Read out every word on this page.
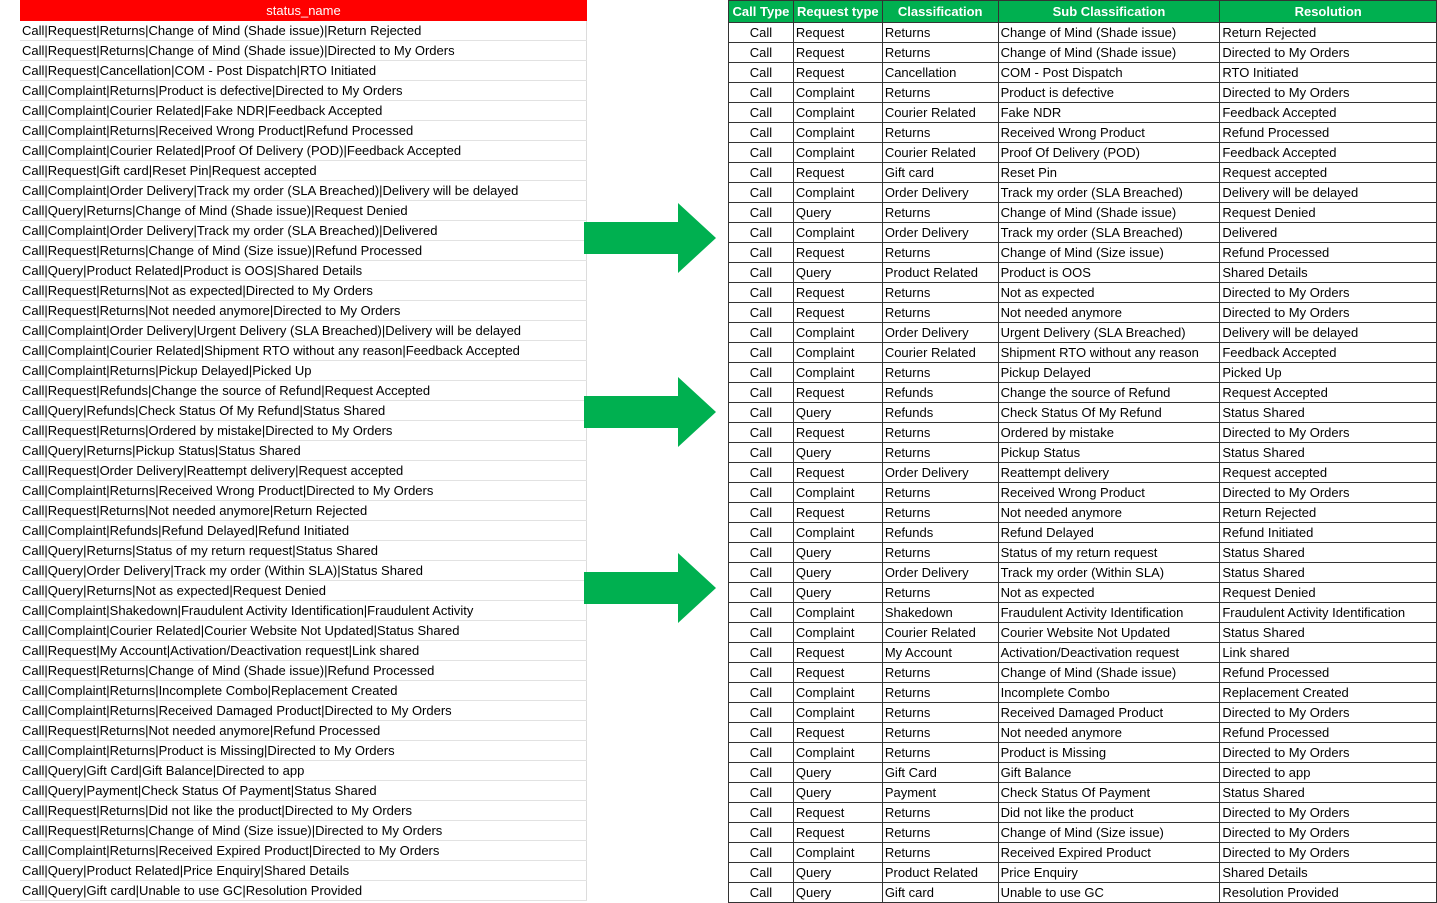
status_name
Call|Request|Returns|Change of Mind (Shade issue)|Return Rejected
Call|Request|Returns|Change of Mind (Shade issue)|Directed to My Orders
Call|Request|Cancellation|COM - Post Dispatch|RTO Initiated
Call|Complaint|Returns|Product is defective|Directed to My Orders
Call|Complaint|Courier Related|Fake NDR|Feedback Accepted
Call|Complaint|Returns|Received Wrong Product|Refund Processed
Call|Complaint|Courier Related|Proof Of Delivery (POD)|Feedback Accepted
Call|Request|Gift card|Reset Pin|Request accepted
Call|Complaint|Order Delivery|Track my order (SLA Breached)|Delivery will be delayed
Call|Query|Returns|Change of Mind (Shade issue)|Request Denied
Call|Complaint|Order Delivery|Track my order (SLA Breached)|Delivered
Call|Request|Returns|Change of Mind (Size issue)|Refund Processed
Call|Query|Product Related|Product is OOS|Shared Details
Call|Request|Returns|Not as expected|Directed to My Orders
Call|Request|Returns|Not needed anymore|Directed to My Orders
Call|Complaint|Order Delivery|Urgent Delivery (SLA Breached)|Delivery will be delayed
Call|Complaint|Courier Related|Shipment RTO without any reason|Feedback Accepted
Call|Complaint|Returns|Pickup Delayed|Picked Up
Call|Request|Refunds|Change the source of Refund|Request Accepted
Call|Query|Refunds|Check Status Of My Refund|Status Shared
Call|Request|Returns|Ordered by mistake|Directed to My Orders
Call|Query|Returns|Pickup Status|Status Shared
Call|Request|Order Delivery|Reattempt delivery|Request accepted
Call|Complaint|Returns|Received Wrong Product|Directed to My Orders
Call|Request|Returns|Not needed anymore|Return Rejected
Call|Complaint|Refunds|Refund Delayed|Refund Initiated
Call|Query|Returns|Status of my return request|Status Shared
Call|Query|Order Delivery|Track my order (Within SLA)|Status Shared
Call|Query|Returns|Not as expected|Request Denied
Call|Complaint|Shakedown|Fraudulent Activity Identification|Fraudulent Activity
Call|Complaint|Courier Related|Courier Website Not Updated|Status Shared
Call|Request|My Account|Activation/Deactivation request|Link shared
Call|Request|Returns|Change of Mind (Shade issue)|Refund Processed
Call|Complaint|Returns|Incomplete Combo|Replacement Created
Call|Complaint|Returns|Received Damaged Product|Directed to My Orders
Call|Request|Returns|Not needed anymore|Refund Processed
Call|Complaint|Returns|Product is Missing|Directed to My Orders
Call|Query|Gift Card|Gift Balance|Directed to app
Call|Query|Payment|Check Status Of Payment|Status Shared
Call|Request|Returns|Did not like the product|Directed to My Orders
Call|Request|Returns|Change of Mind (Size issue)|Directed to My Orders
Call|Complaint|Returns|Received Expired Product|Directed to My Orders
Call|Query|Product Related|Price Enquiry|Shared Details
Call|Query|Gift card|Unable to use GC|Resolution Provided
Call Type	Request type	Classification	Sub Classification	Resolution
Call	Request	Returns	Change of Mind (Shade issue)	Return Rejected
Call	Request	Returns	Change of Mind (Shade issue)	Directed to My Orders
Call	Request	Cancellation	COM - Post Dispatch	RTO Initiated
Call	Complaint	Returns	Product is defective	Directed to My Orders
Call	Complaint	Courier Related	Fake NDR	Feedback Accepted
Call	Complaint	Returns	Received Wrong Product	Refund Processed
Call	Complaint	Courier Related	Proof Of Delivery (POD)	Feedback Accepted
Call	Request	Gift card	Reset Pin	Request accepted
Call	Complaint	Order Delivery	Track my order (SLA Breached)	Delivery will be delayed
Call	Query	Returns	Change of Mind (Shade issue)	Request Denied
Call	Complaint	Order Delivery	Track my order (SLA Breached)	Delivered
Call	Request	Returns	Change of Mind (Size issue)	Refund Processed
Call	Query	Product Related	Product is OOS	Shared Details
Call	Request	Returns	Not as expected	Directed to My Orders
Call	Request	Returns	Not needed anymore	Directed to My Orders
Call	Complaint	Order Delivery	Urgent Delivery (SLA Breached)	Delivery will be delayed
Call	Complaint	Courier Related	Shipment RTO without any reason	Feedback Accepted
Call	Complaint	Returns	Pickup Delayed	Picked Up
Call	Request	Refunds	Change the source of Refund	Request Accepted
Call	Query	Refunds	Check Status Of My Refund	Status Shared
Call	Request	Returns	Ordered by mistake	Directed to My Orders
Call	Query	Returns	Pickup Status	Status Shared
Call	Request	Order Delivery	Reattempt delivery	Request accepted
Call	Complaint	Returns	Received Wrong Product	Directed to My Orders
Call	Request	Returns	Not needed anymore	Return Rejected
Call	Complaint	Refunds	Refund Delayed	Refund Initiated
Call	Query	Returns	Status of my return request	Status Shared
Call	Query	Order Delivery	Track my order (Within SLA)	Status Shared
Call	Query	Returns	Not as expected	Request Denied
Call	Complaint	Shakedown	Fraudulent Activity Identification	Fraudulent Activity Identification
Call	Complaint	Courier Related	Courier Website Not Updated	Status Shared
Call	Request	My Account	Activation/Deactivation request	Link shared
Call	Request	Returns	Change of Mind (Shade issue)	Refund Processed
Call	Complaint	Returns	Incomplete Combo	Replacement Created
Call	Complaint	Returns	Received Damaged Product	Directed to My Orders
Call	Request	Returns	Not needed anymore	Refund Processed
Call	Complaint	Returns	Product is Missing	Directed to My Orders
Call	Query	Gift Card	Gift Balance	Directed to app
Call	Query	Payment	Check Status Of Payment	Status Shared
Call	Request	Returns	Did not like the product	Directed to My Orders
Call	Request	Returns	Change of Mind (Size issue)	Directed to My Orders
Call	Complaint	Returns	Received Expired Product	Directed to My Orders
Call	Query	Product Related	Price Enquiry	Shared Details
Call	Query	Gift card	Unable to use GC	Resolution Provided
